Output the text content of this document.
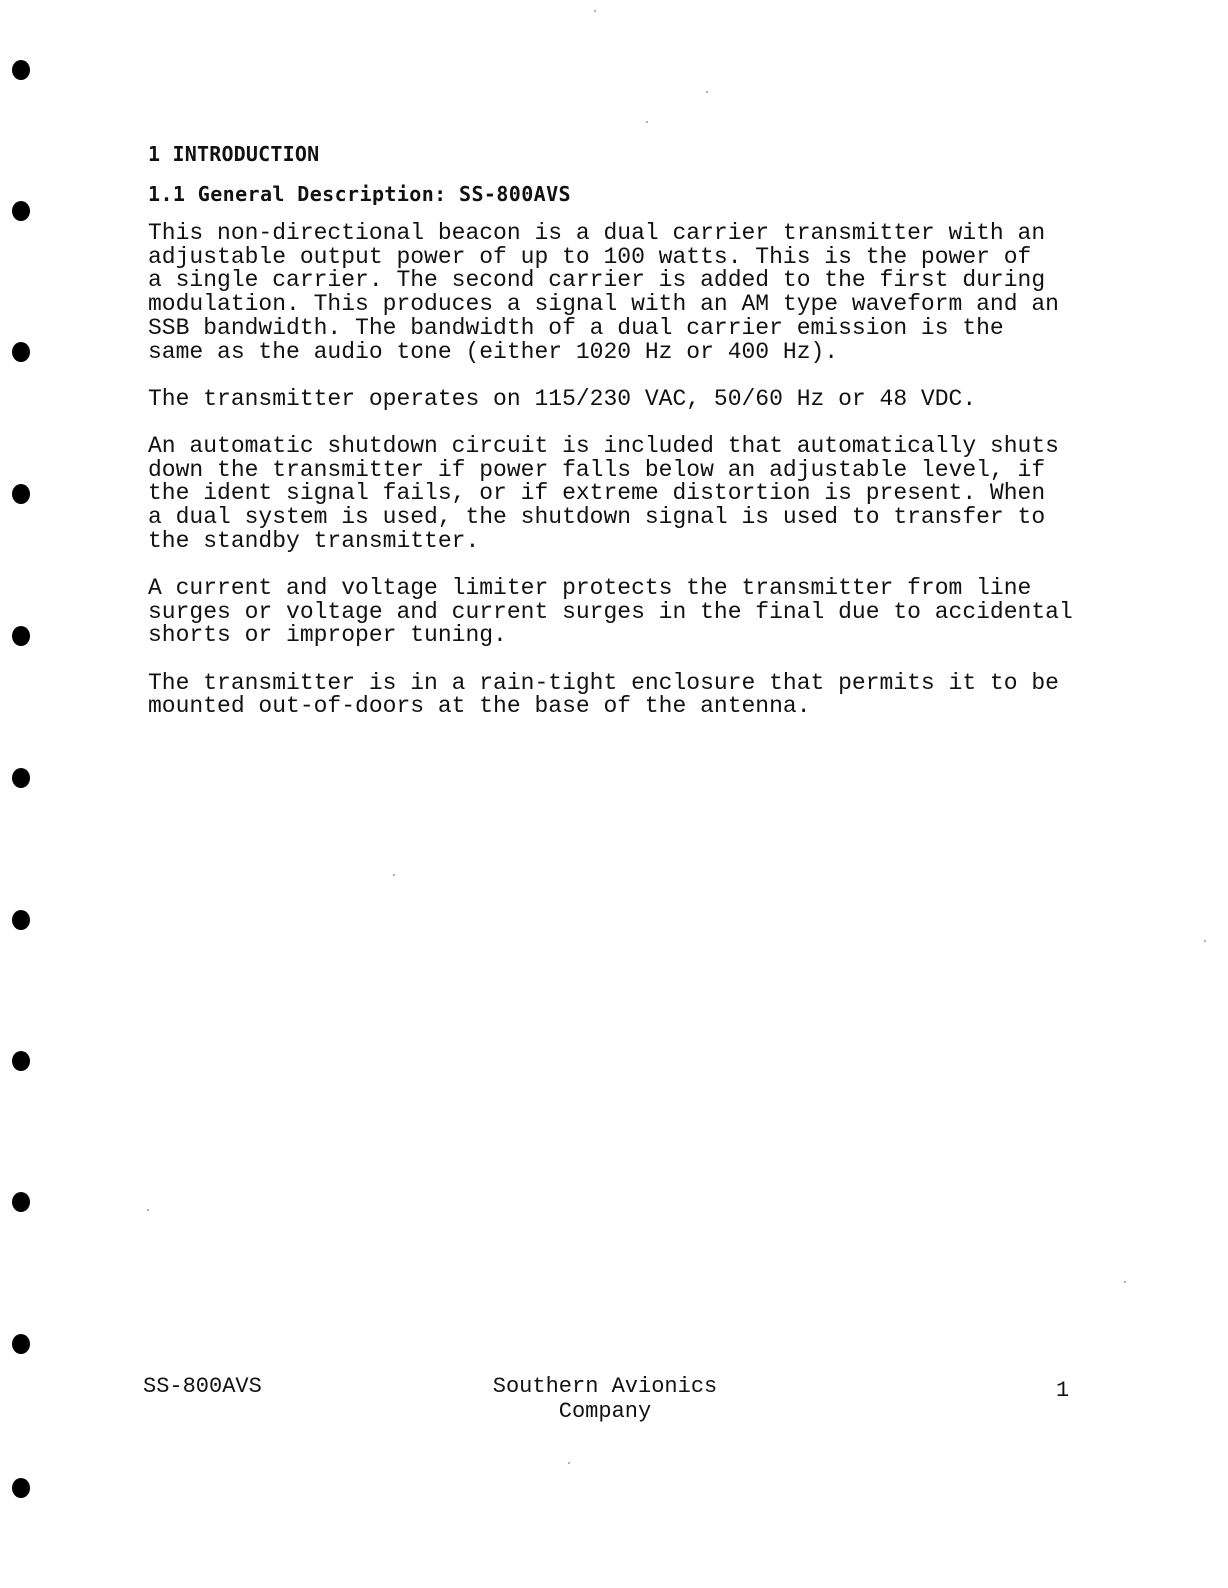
1 INTRODUCTION
1.1 General Description: SS-800AVS
This non-directional beacon is a dual carrier transmitter with an
adjustable output power of up to 100 watts. This is the power of
a single carrier. The second carrier is added to the first during
modulation. This produces a signal with an AM type waveform and an
SSB bandwidth. The bandwidth of a dual carrier emission is the
same as the audio tone (either 1020 Hz or 400 Hz).
The transmitter operates on 115/230 VAC, 50/60 Hz or 48 VDC.
An automatic shutdown circuit is included that automatically shuts
down the transmitter if power falls below an adjustable level, if
the ident signal fails, or if extreme distortion is present. When
a dual system is used, the shutdown signal is used to transfer to
the standby transmitter.
A current and voltage limiter protects the transmitter from line
surges or voltage and current surges in the final due to accidental
shorts or improper tuning.
The transmitter is in a rain-tight enclosure that permits it to be
mounted out-of-doors at the base of the antenna.
SS-800AVS	Southern Avionics
Company
1
